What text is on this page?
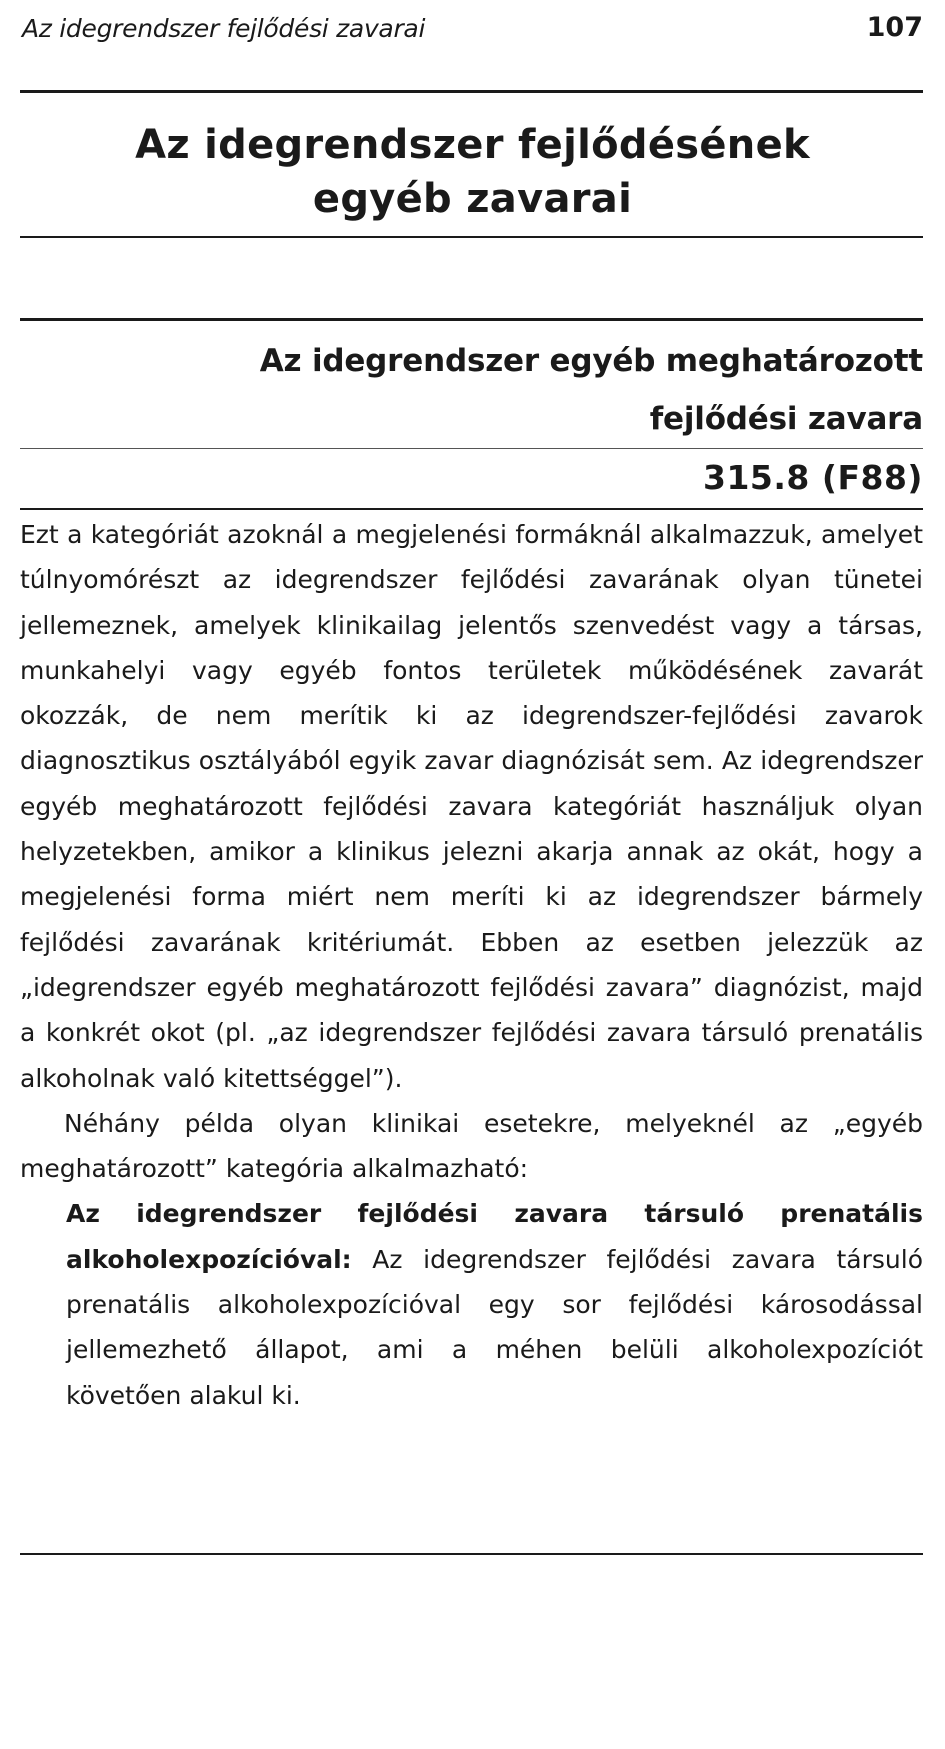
Az idegrendszer fejlődési zavarai	107
Az idegrendszer fejlődésének
egyéb zavarai
Az idegrendszer egyéb meghatározott
fejlődési zavara
315.8 (F88)

Ezt a kategóriát azoknál a megjelenési formáknál alkalmazzuk, amelyet túlnyomórészt az idegrendszer fejlődési zavarának olyan tünetei jellemeznek, amelyek klinikailag jelentős szenvedést vagy a társas, munkahelyi vagy egyéb fontos területek működésének zavarát okozzák, de nem merítik ki az idegrendszer-fejlődési zavarok diagnosztikus osztályából egyik zavar diagnózisát sem. Az idegrendszer egyéb meghatározott fejlődési zavara kategóriát használjuk olyan helyzetekben, amikor a klinikus jelezni akarja annak az okát, hogy a megjelenési forma miért nem meríti ki az idegrendszer bármely fejlődési zavarának kritériumát. Ebben az esetben jelezzük az „idegrendszer egyéb meghatározott fejlődési zavara” diagnózist, majd a konkrét okot (pl. „az idegrendszer fejlődési zavara társuló prenatális alkoholnak való kitettséggel”).

Néhány példa olyan klinikai esetekre, melyeknél az „egyéb meghatározott” kategória alkalmazható:

Az idegrendszer fejlődési zavara társuló prenatális alkoholexpozícióval: Az idegrendszer fejlődési zavara társuló prenatális alkoholexpozícióval egy sor fejlődési károsodással jellemezhető állapot, ami a méhen belüli alkoholexpozíciót követően alakul ki.
